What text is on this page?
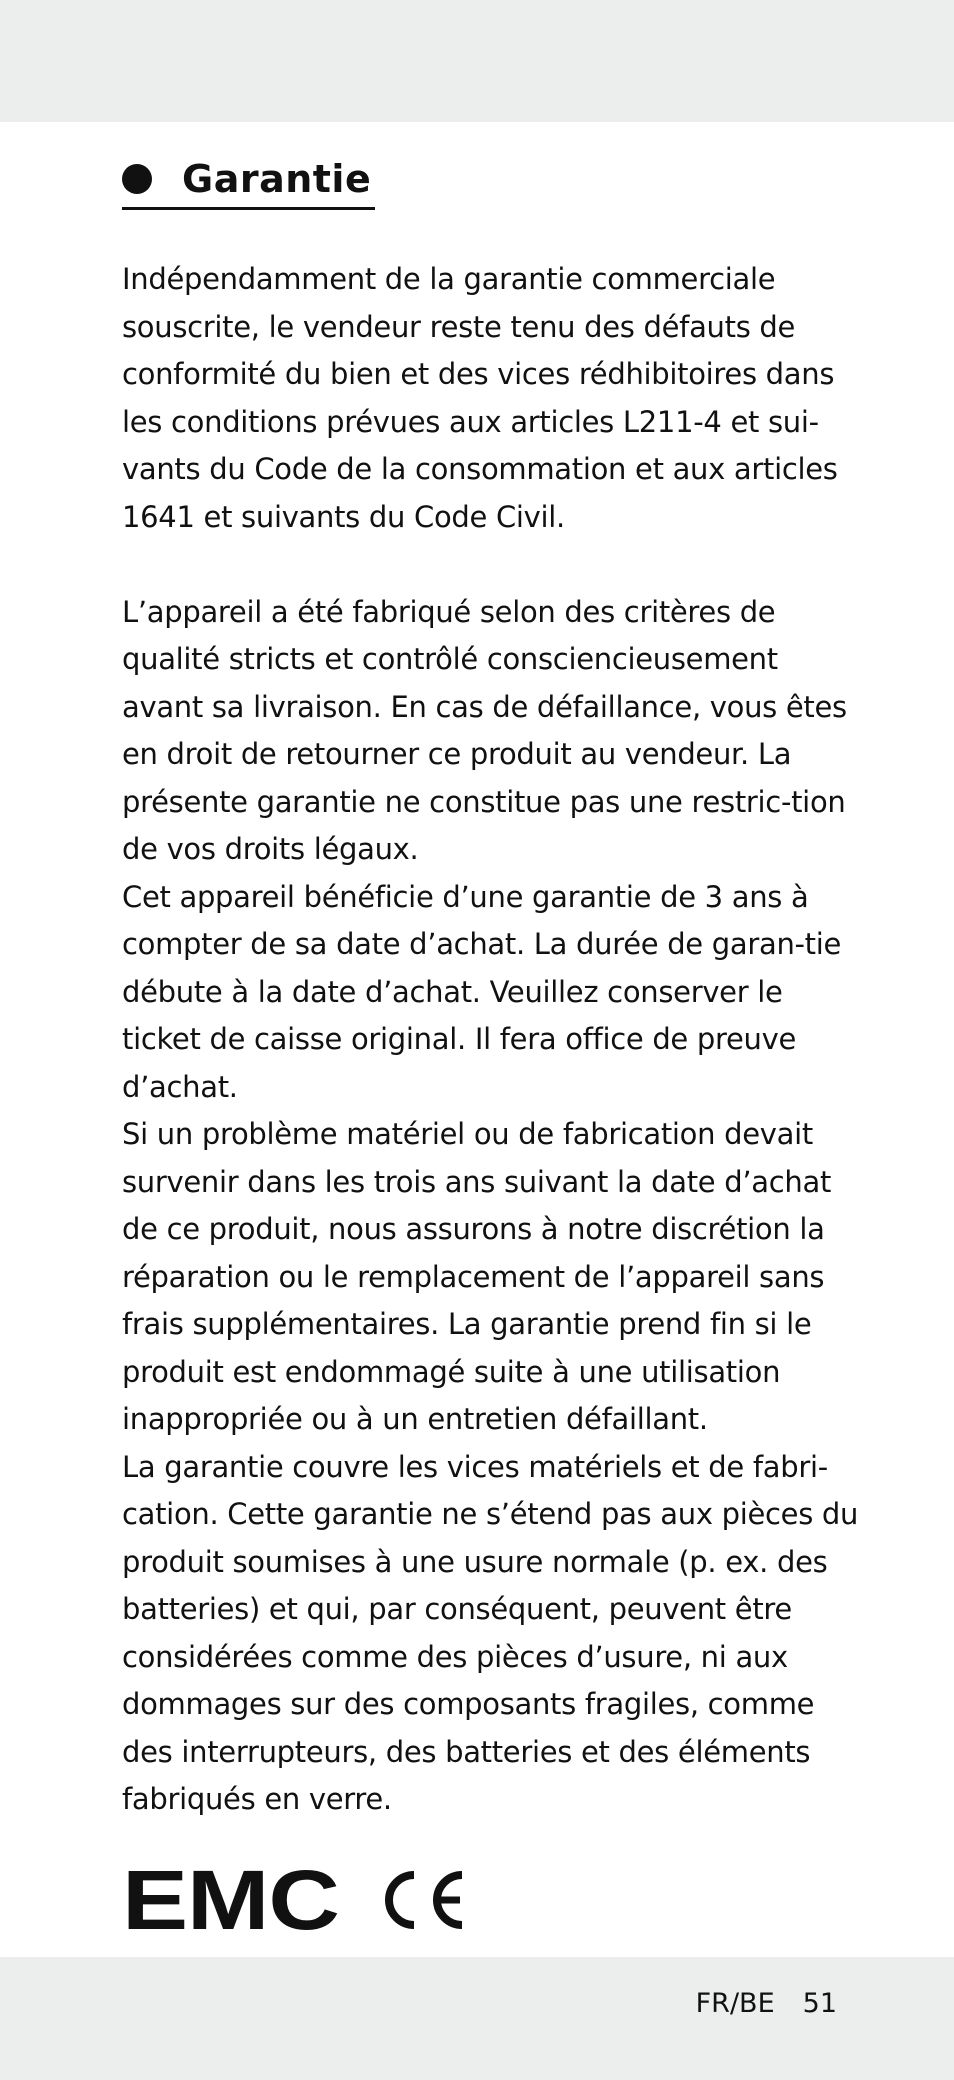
Garantie

Indépendamment de la garantie commerciale souscrite, le vendeur reste tenu des défauts de conformité du bien et des vices rédhibitoires dans les conditions prévues aux articles L211-4 et sui-vants du Code de la consommation et aux articles 1641 et suivants du Code Civil.

L’appareil a été fabriqué selon des critères de qualité stricts et contrôlé consciencieusement avant sa livraison. En cas de défaillance, vous êtes en droit de retourner ce produit au vendeur. La présente garantie ne constitue pas une restric-tion de vos droits légaux.

Cet appareil bénéficie d’une garantie de 3 ans à compter de sa date d’achat. La durée de garan-tie débute à la date d’achat. Veuillez conserver le ticket de caisse original. Il fera office de preuve d’achat.

Si un problème matériel ou de fabrication devait survenir dans les trois ans suivant la date d’achat de ce produit, nous assurons à notre discrétion la réparation ou le remplacement de l’appareil sans frais supplémentaires. La garantie prend fin si le produit est endommagé suite à une utilisation inappropriée ou à un entretien défaillant.

La garantie couvre les vices matériels et de fabri-cation. Cette garantie ne s’étend pas aux pièces du produit soumises à une usure normale (p. ex. des batteries) et qui, par conséquent, peuvent être considérées comme des pièces d’usure, ni aux dommages sur des composants fragiles, comme des interrupteurs, des batteries et des éléments fabriqués en verre.

EMC
FR/BE 51
